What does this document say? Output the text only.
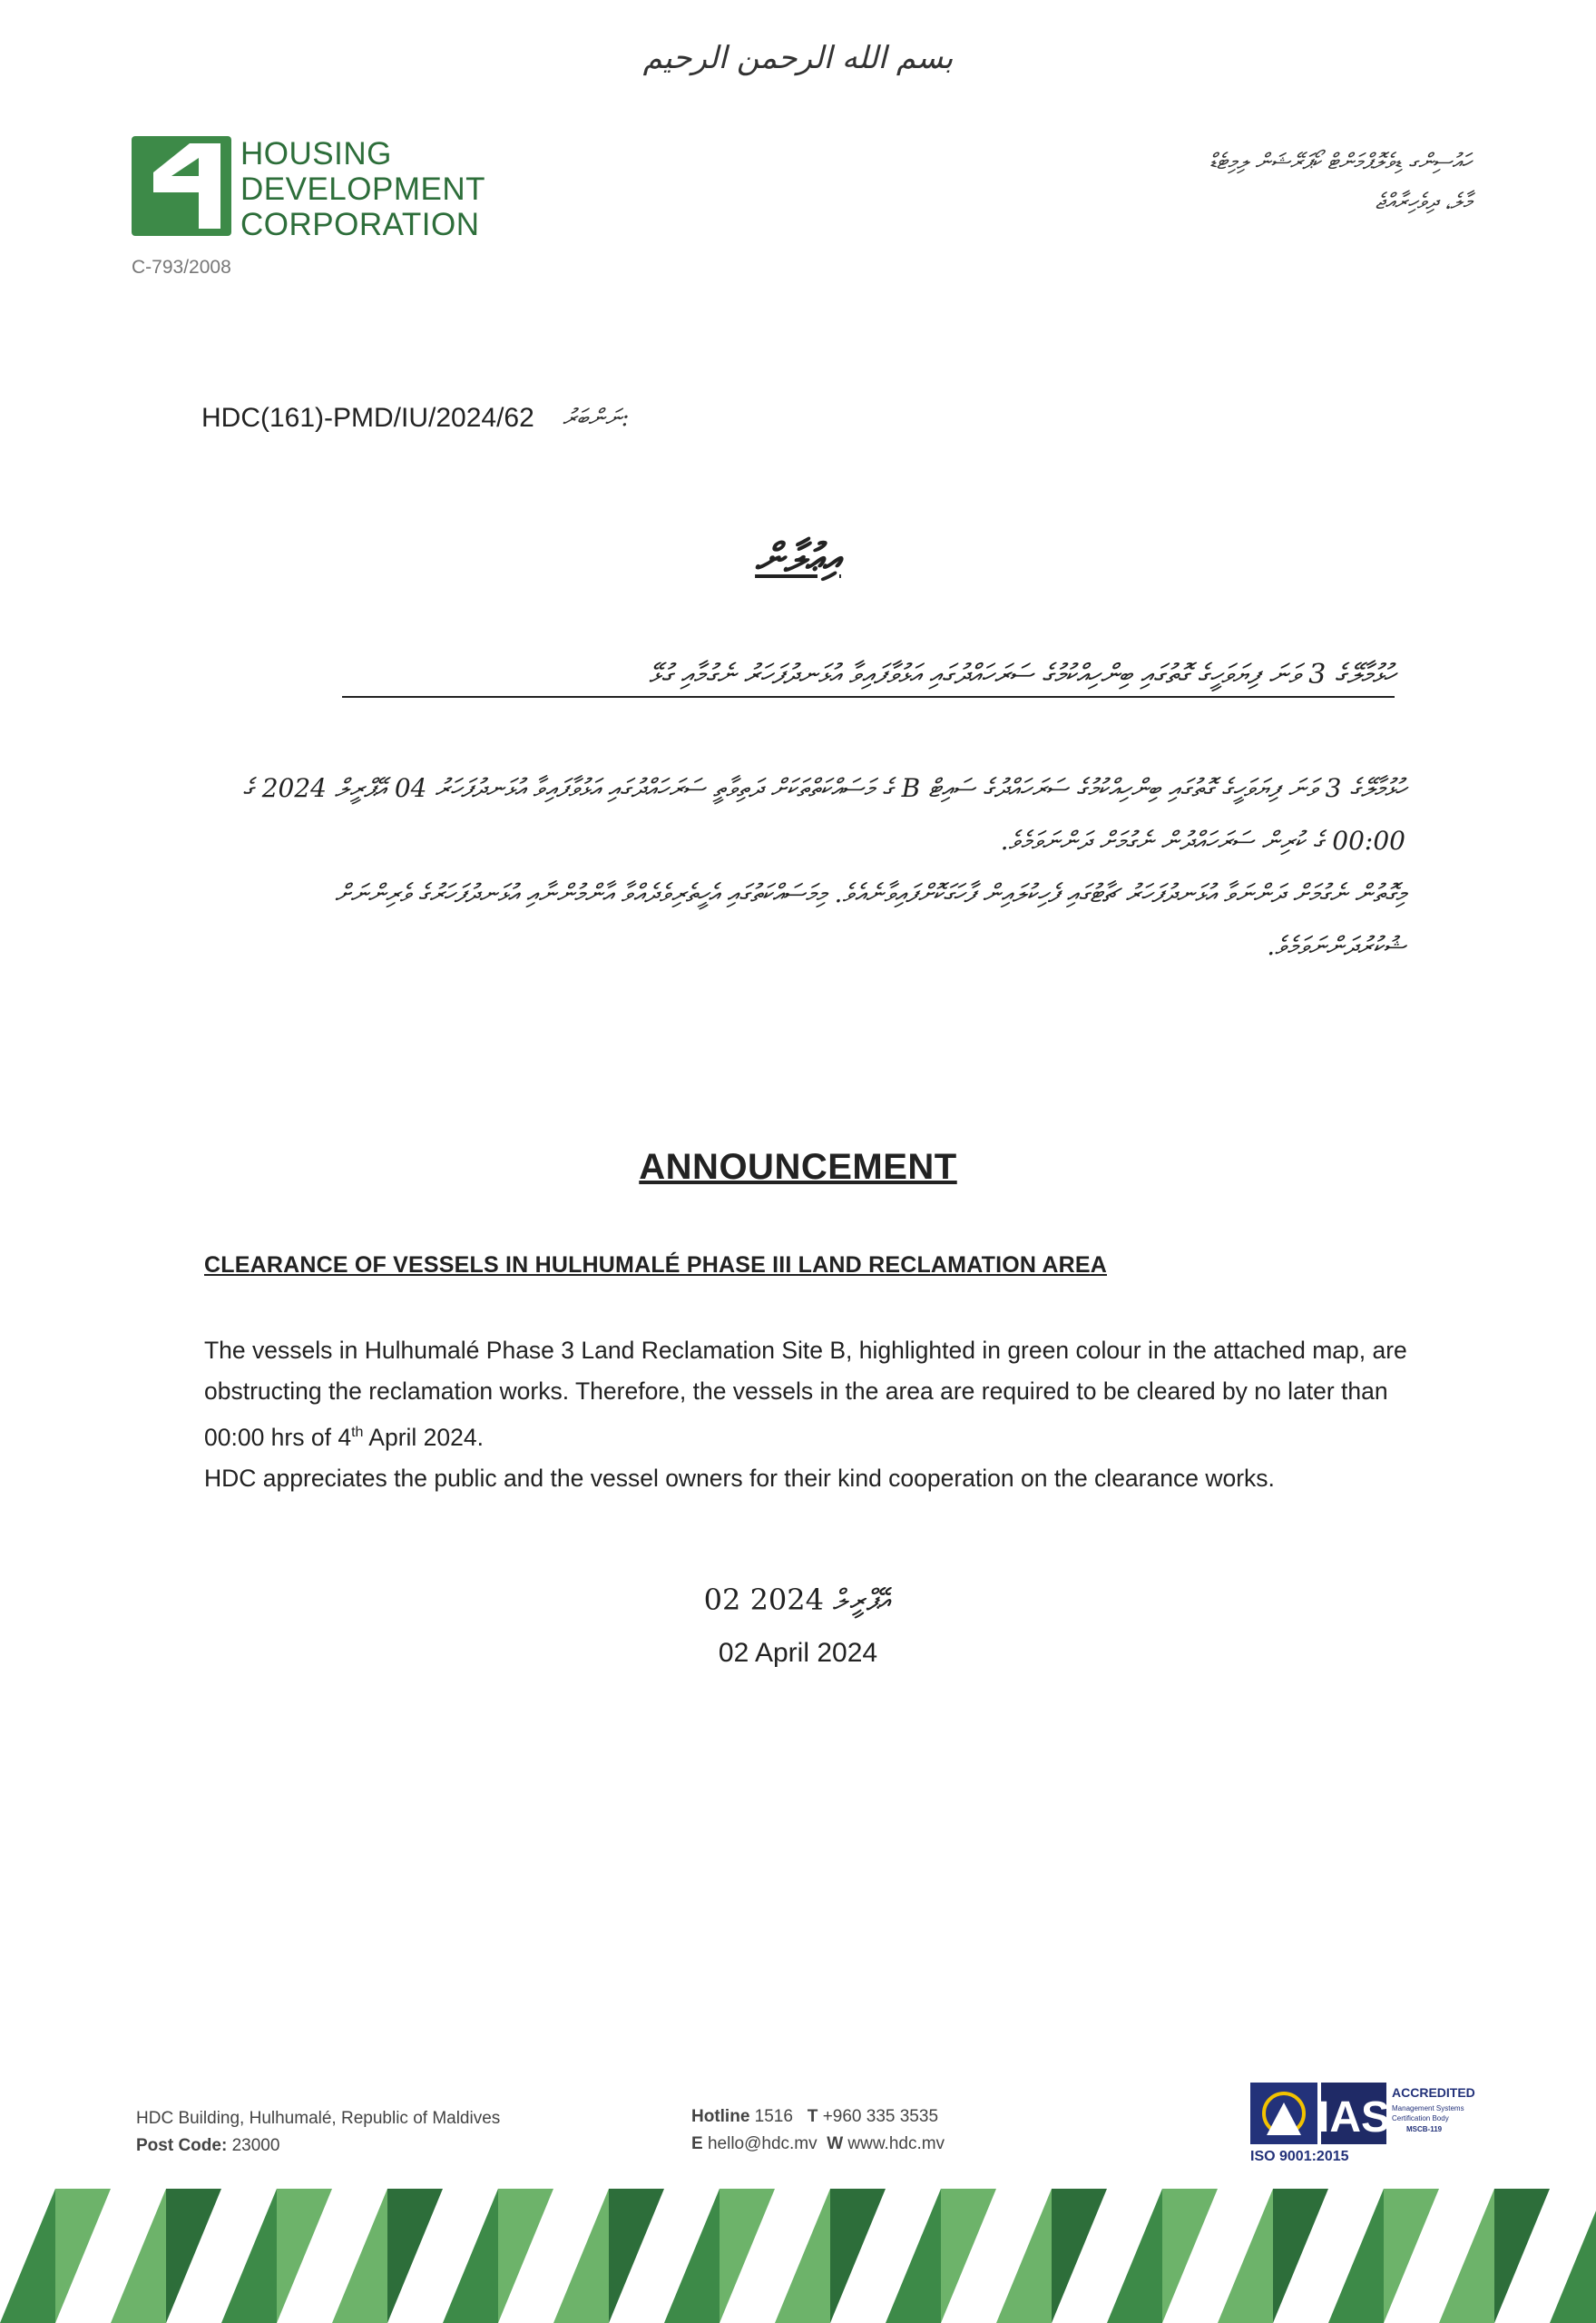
بسم الله الرحمن الرحيم
HOUSING
DEVELOPMENT
CORPORATION
C-793/2008
ހައުސިންގ ޑިވެލޮޕްމަންޓް ކޯޕަރޭޝަން ލިމިޓެޑް
މާލެ، ދިވެހިރާއްޖެ
HDC(161)-PMD/IU/2024/62 :ނަންބަރު
އިޢުލާން
ހުޅުމާލޭގެ 3 ވަނަ ފިޔަވަހީގެ ގޮތުގައި ބިންހިއްކުމުގެ ސަރަހައްދުގައި އަޅުވާފައިވާ އުޅަނދުފަހަރު ނެގުމާއި ގުޅޭ

ހުޅުމާލޭގެ 3 ވަނަ ފިޔަވަހީގެ ގޮތުގައި ބިންހިއްކުމުގެ ސަރަހައްދުގެ ސައިޓް B ގެ މަސައްކަތްތަކަށް ދަތިވާތީ ސަރަހައްދުގައި އަޅުވާފައިވާ އުޅަނދުފަހަރު 04 އޭޕްރީލް 2024 ގެ 00:00 ގެ ކުރިން ސަރަހައްދުން ނެގުމަށް ދަންނަވަމެވެ.

މިގޮތުން ނެގުމަށް ދަންނަވާ އުޅަނދުފަހަރު ޗާޓުގައި ފެހިކުލައިން ފާހަގަކޮށްފައިވާނެއެވެ. މިމަސައްކަތުގައި އެހީތެރިވެދެއްވާ އާންމުންނާއި އުޅަނދުފަހަރުގެ ވެރިންނަށް ޝުކުރުދަންނަވަމެވެ.

ANNOUNCEMENT
CLEARANCE OF VESSELS IN HULHUMALÉ PHASE III LAND RECLAMATION AREA

The vessels in Hulhumalé Phase 3 Land Reclamation Site B, highlighted in green colour in the attached map, are obstructing the reclamation works. Therefore, the vessels in the area are required to be cleared by no later than 00:00 hrs of 4th April 2024.

HDC appreciates the public and the vessel owners for their kind cooperation on the clearance works.

02 އޭޕްރީލް 2024
02 April 2024
HDC Building, Hulhumalé, Republic of Maldives
Post Code: 23000
Hotline 1516 T +960 335 3535
E hello@hdc.mv W www.hdc.mv
IAS
ACCREDITED
Management Systems
Certification Body
MSCB-119
ISO 9001:2015
